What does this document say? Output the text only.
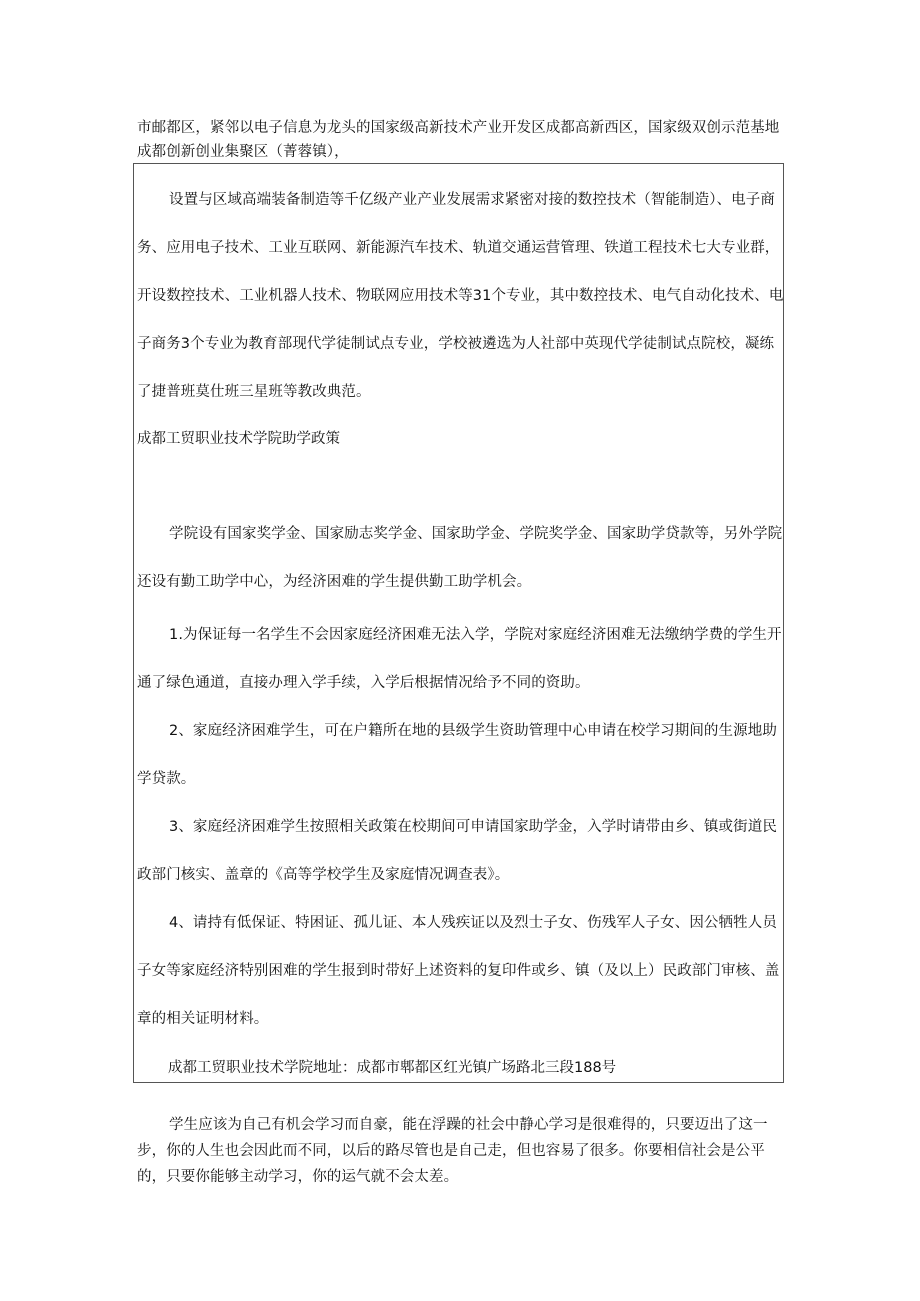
市邮都区，紧邻以电子信息为龙头的国家级高新技术产业开发区成都高新西区，国家级双创示范基地成都创新创业集聚区（菁蓉镇），
设置与区域高端装备制造等千亿级产业产业发展需求紧密对接的数控技术（智能制造）、电子商务、应用电子技术、工业互联网、新能源汽车技术、轨道交通运营管理、铁道工程技术七大专业群，开设数控技术、工业机器人技术、物联网应用技术等31个专业，其中数控技术、电气自动化技术、电子商务3个专业为教育部现代学徒制试点专业，学校被遴选为人社部中英现代学徒制试点院校，凝练了捷普班莫仕班三星班等教改典范。
成都工贸职业技术学院助学政策
学院设有国家奖学金、国家励志奖学金、国家助学金、学院奖学金、国家助学贷款等，另外学院还设有勤工助学中心，为经济困难的学生提供勤工助学机会。
1.为保证每一名学生不会因家庭经济困难无法入学，学院对家庭经济困难无法缴纳学费的学生开通了绿色通道，直接办理入学手续，入学后根据情况给予不同的资助。
2、家庭经济困难学生，可在户籍所在地的县级学生资助管理中心申请在校学习期间的生源地助学贷款。
3、家庭经济困难学生按照相关政策在校期间可申请国家助学金，入学时请带由乡、镇或街道民政部门核实、盖章的《高等学校学生及家庭情况调查表》。
4、请持有低保证、特困证、孤儿证、本人残疾证以及烈士子女、伤残军人子女、因公牺牲人员子女等家庭经济特别困难的学生报到时带好上述资料的复印件或乡、镇（及以上）民政部门审核、盖章的相关证明材料。
成都工贸职业技术学院地址：成都市郫都区红光镇广场路北三段188号
学生应该为自己有机会学习而自豪，能在浮躁的社会中静心学习是很难得的，只要迈出了这一步，你的人生也会因此而不同，以后的路尽管也是自己走，但也容易了很多。你要相信社会是公平的，只要你能够主动学习，你的运气就不会太差。
